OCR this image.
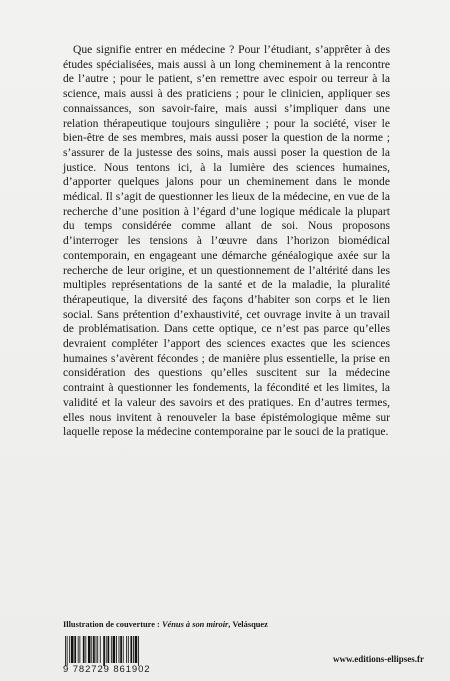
Que signifie entrer en médecine ? Pour l’étudiant, s’apprêter à des études spécialisées, mais aussi à un long cheminement à la rencontre de l’autre ; pour le patient, s’en remettre avec espoir ou terreur à la science, mais aussi à des praticiens ; pour le clinicien, appliquer ses connaissances, son savoir-faire, mais aussi s’impliquer dans une relation thérapeutique toujours singulière ; pour la société, viser le bien-être de ses membres, mais aussi poser la question de la norme ; s’assurer de la justesse des soins, mais aussi poser la question de la justice. Nous tentons ici, à la lumière des sciences humaines, d’apporter quelques jalons pour un cheminement dans le monde médical. Il s’agit de questionner les lieux de la médecine, en vue de la recherche d’une position à l’égard d’une logique médicale la plupart du temps considérée comme allant de soi. Nous proposons d’interroger les tensions à l’œuvre dans l’horizon biomédical contemporain, en engageant une démarche généalogique axée sur la recherche de leur origine, et un questionnement de l’altérité dans les multiples représentations de la santé et de la maladie, la pluralité thérapeutique, la diversité des façons d’habiter son corps et le lien social. Sans prétention d’exhaustivité, cet ouvrage invite à un travail de problématisation. Dans cette optique, ce n’est pas parce qu’elles devraient compléter l’apport des sciences exactes que les sciences humaines s’avèrent fécondes ; de manière plus essentielle, la prise en considération des questions qu’elles suscitent sur la médecine contraint à questionner les fondements, la fécondité et les limites, la validité et la valeur des savoirs et des pratiques. En d’autres termes, elles nous invitent à renouveler la base épistémologique même sur laquelle repose la médecine contemporaine par le souci de la pratique.

Illustration de couverture : Vénus à son miroir, Velásquez
9 782729 861902
www.editions-ellipses.fr
